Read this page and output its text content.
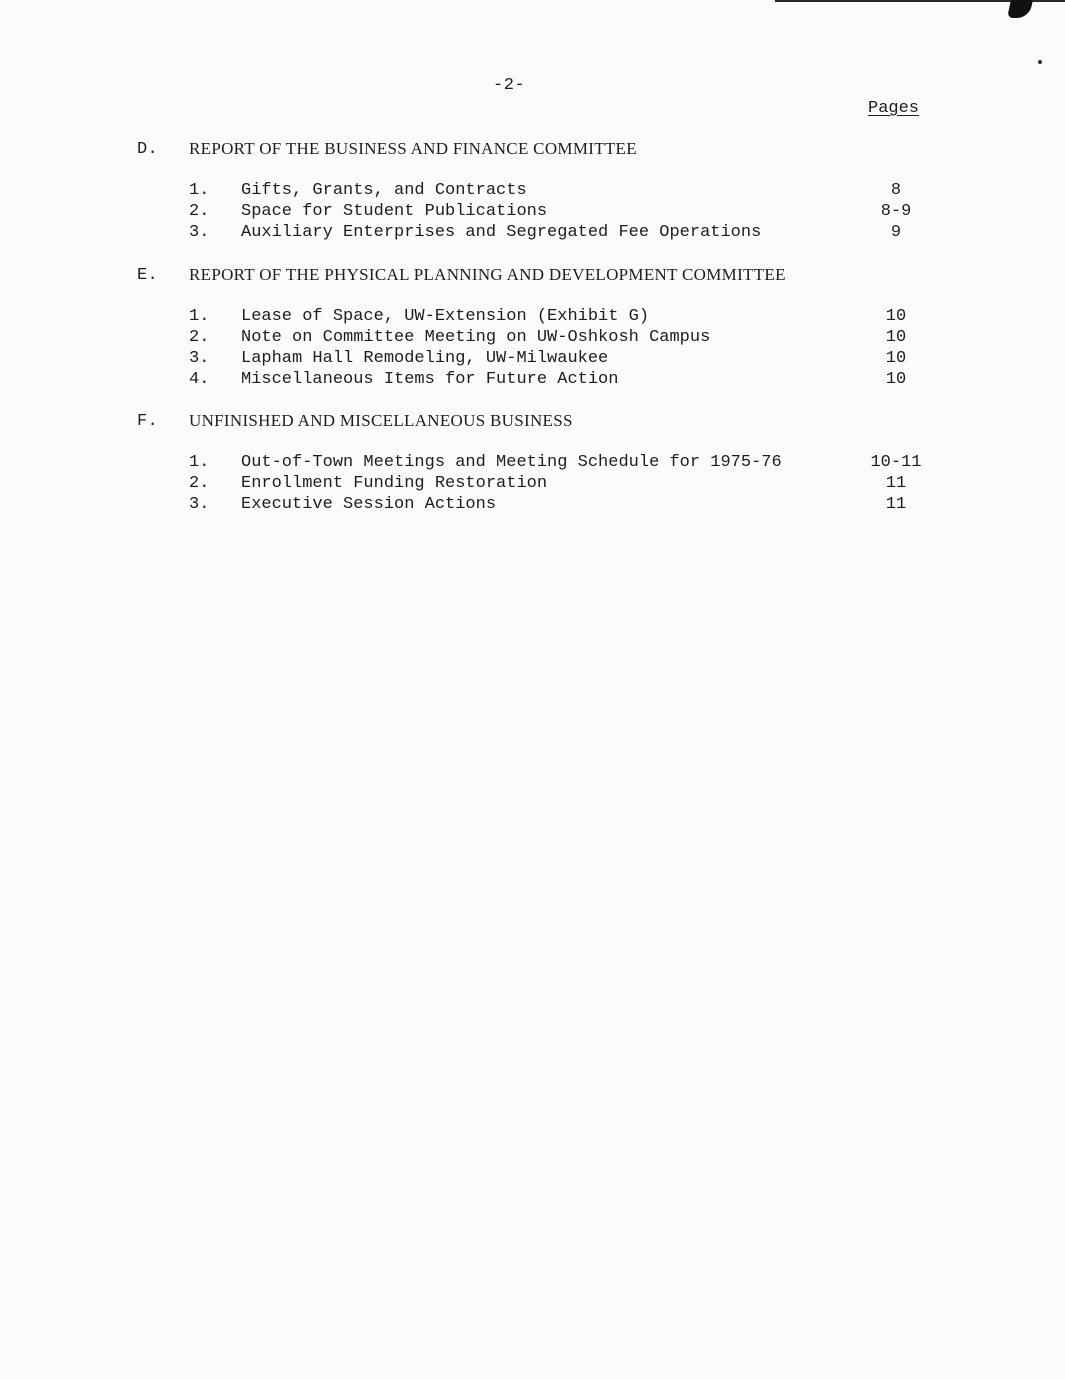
-2-
Pages
D.	REPORT OF THE BUSINESS AND FINANCE COMMITTEE
1.	Gifts, Grants, and Contracts	8
2.	Space for Student Publications	8-9
3.	Auxiliary Enterprises and Segregated Fee Operations	9
E.	REPORT OF THE PHYSICAL PLANNING AND DEVELOPMENT COMMITTEE
1.	Lease of Space, UW-Extension (Exhibit G)	10
2.	Note on Committee Meeting on UW-Oshkosh Campus	10
3.	Lapham Hall Remodeling, UW-Milwaukee	10
4.	Miscellaneous Items for Future Action	10
F.	UNFINISHED AND MISCELLANEOUS BUSINESS
1.	Out-of-Town Meetings and Meeting Schedule for 1975-76	10-11
2.	Enrollment Funding Restoration	11
3.	Executive Session Actions	11
